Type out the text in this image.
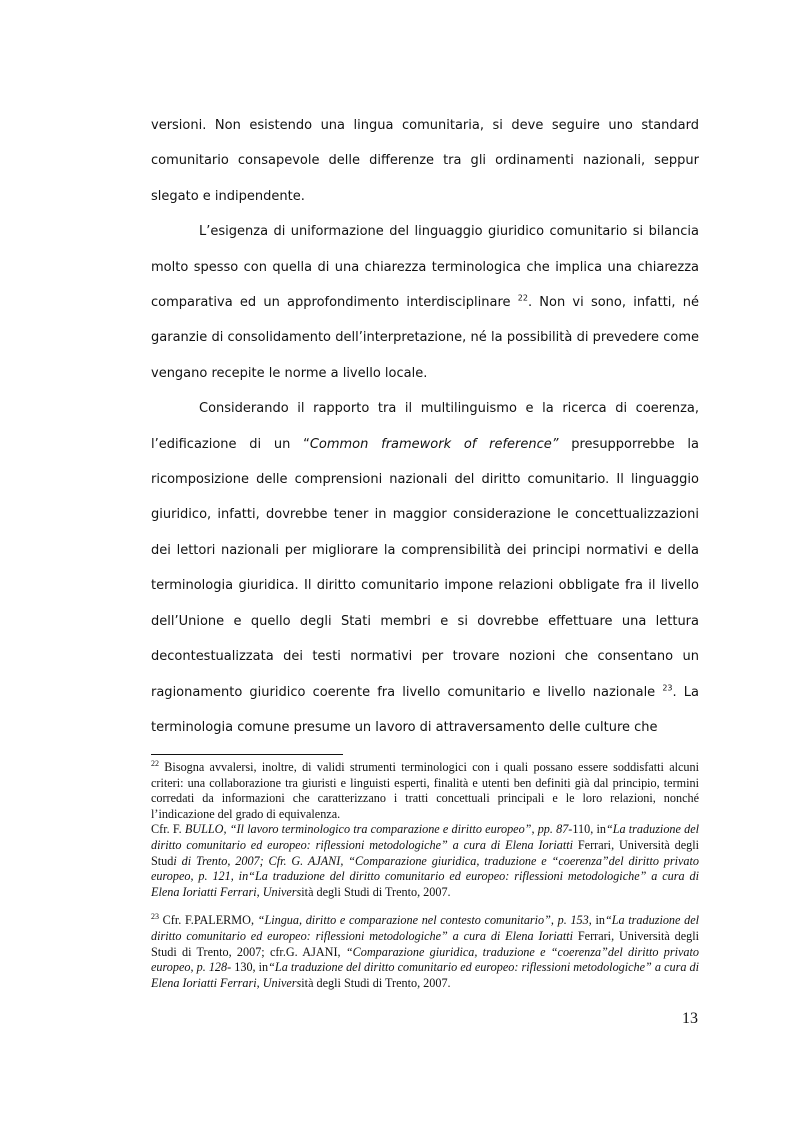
versioni. Non esistendo una lingua comunitaria, si deve seguire uno standard comunitario consapevole delle differenze tra gli ordinamenti nazionali, seppur slegato e indipendente.

L’esigenza di uniformazione del linguaggio giuridico comunitario si bilancia molto spesso con quella di una chiarezza terminologica che implica una chiarezza comparativa ed un approfondimento interdisciplinare $^{22}$. Non vi sono, infatti, né garanzie di consolidamento dell’interpretazione, né la possibilità di prevedere come vengano recepite le norme a livello locale.

Considerando il rapporto tra il multilinguismo e la ricerca di coerenza, l’edificazione di un “Common framework of reference” presupporrebbe la ricomposizione delle comprensioni nazionali del diritto comunitario. Il linguaggio giuridico, infatti, dovrebbe tener in maggior considerazione le concettualizzazioni dei lettori nazionali per migliorare la comprensibilità dei principi normativi e della terminologia giuridica. Il diritto comunitario impone relazioni obbligate fra il livello dell’Unione e quello degli Stati membri e si dovrebbe effettuare una lettura decontestualizzata dei testi normativi per trovare nozioni che consentano un ragionamento giuridico coerente fra livello comunitario e livello nazionale $^{23}$. La terminologia comune presume un lavoro di attraversamento delle culture che

$^{22}$ Bisogna avvalersi, inoltre, di validi strumenti terminologici con i quali possano essere soddisfatti alcuni criteri: una collaborazione tra giuristi e linguisti esperti, finalità e utenti ben definiti già dal principio, termini corredati da informazioni che caratterizzano i tratti concettuali principali e le loro relazioni, nonché l’indicazione del grado di equivalenza.

Cfr. F. BULLO, “Il lavoro terminologico tra comparazione e diritto europeo”, pp. 87-110, in“La traduzione del diritto comunitario ed europeo: riflessioni metodologiche” a cura di Elena Ioriatti Ferrari, Università degli Studi di Trento, 2007; Cfr. G. AJANI, “Comparazione giuridica, traduzione e “coerenza”del diritto privato europeo, p. 121, in“La traduzione del diritto comunitario ed europeo: riflessioni metodologiche” a cura di Elena Ioriatti Ferrari, Università degli Studi di Trento, 2007.

$^{23}$ Cfr. F.PALERMO, “Lingua, diritto e comparazione nel contesto comunitario”, p. 153, in“La traduzione del diritto comunitario ed europeo: riflessioni metodologiche” a cura di Elena Ioriatti Ferrari, Università degli Studi di Trento, 2007; cfr.G. AJANI, “Comparazione giuridica, traduzione e “coerenza”del diritto privato europeo, p. 128- 130, in“La traduzione del diritto comunitario ed europeo: riflessioni metodologiche” a cura di Elena Ioriatti Ferrari, Università degli Studi di Trento, 2007.

13
